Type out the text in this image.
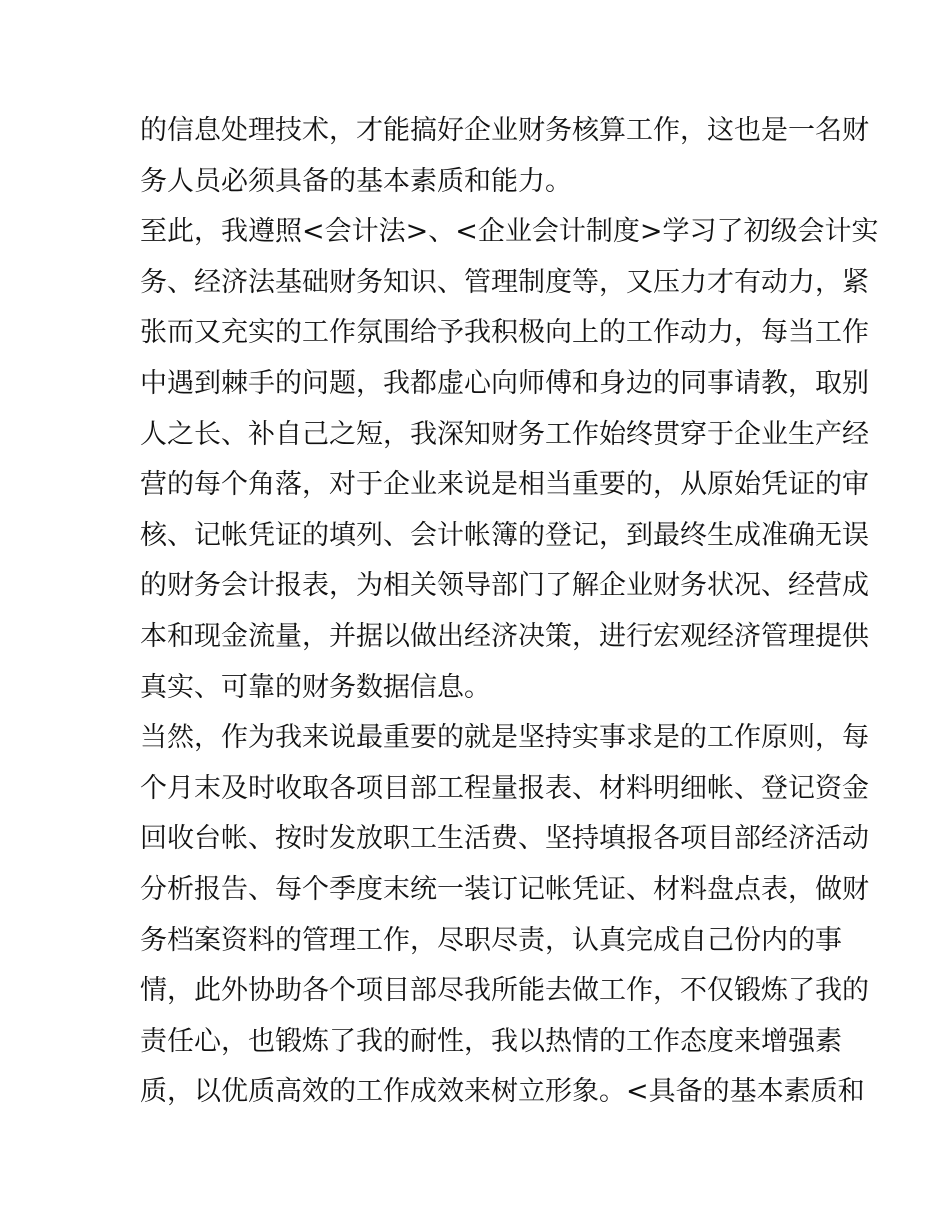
的信息处理技术，才能搞好企业财务核算工作，这也是一名财
务人员必须具备的基本素质和能力。
至此，我遵照<会计法>、<企业会计制度>学习了初级会计实
务、经济法基础财务知识、管理制度等，又压力才有动力，紧
张而又充实的工作氛围给予我积极向上的工作动力，每当工作
中遇到棘手的问题，我都虚心向师傅和身边的同事请教，取别
人之长、补自己之短，我深知财务工作始终贯穿于企业生产经
营的每个角落，对于企业来说是相当重要的，从原始凭证的审
核、记帐凭证的填列、会计帐簿的登记，到最终生成准确无误
的财务会计报表，为相关领导部门了解企业财务状况、经营成
本和现金流量，并据以做出经济决策，进行宏观经济管理提供
真实、可靠的财务数据信息。
当然，作为我来说最重要的就是坚持实事求是的工作原则，每
个月末及时收取各项目部工程量报表、材料明细帐、登记资金
回收台帐、按时发放职工生活费、坚持填报各项目部经济活动
分析报告、每个季度末统一装订记帐凭证、材料盘点表，做财
务档案资料的管理工作，尽职尽责，认真完成自己份内的事
情，此外协助各个项目部尽我所能去做工作，不仅锻炼了我的
责任心，也锻炼了我的耐性，我以热情的工作态度来增强素
质，以优质高效的工作成效来树立形象。<具备的基本素质和
